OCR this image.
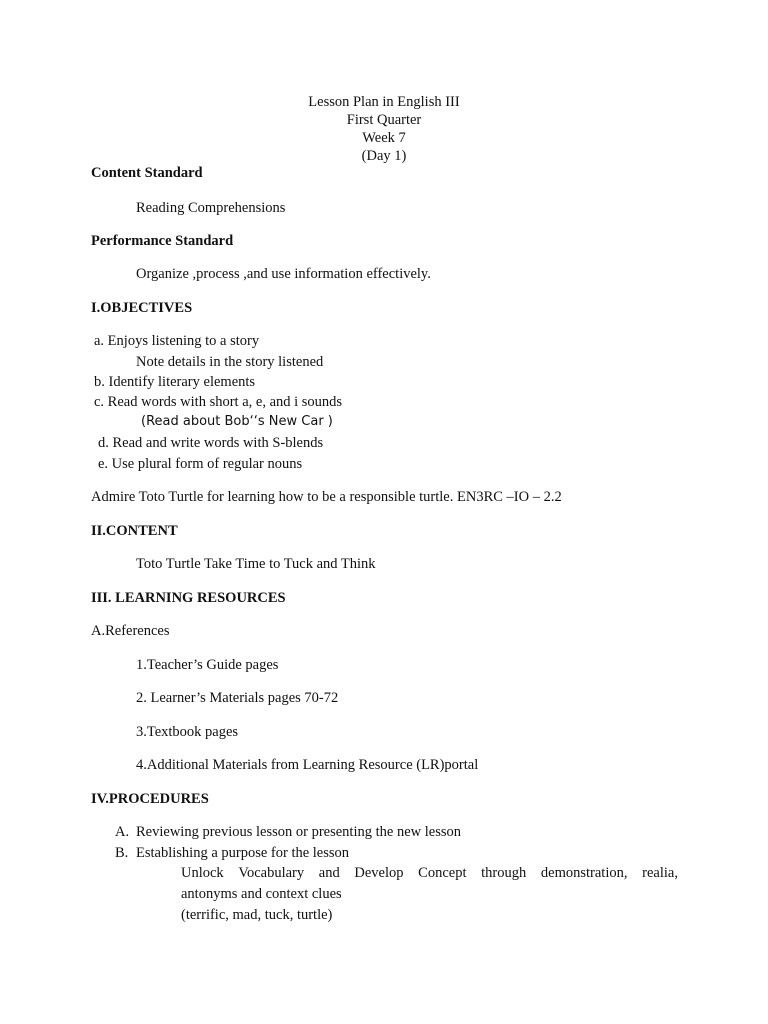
Lesson Plan in English III
First Quarter
Week 7
(Day 1)
Content Standard
Reading Comprehensions
Performance Standard
Organize ,process ,and use information effectively.
I.OBJECTIVES
a. Enjoys listening to a story
Note details in the story listened
b. Identify literary elements
c. Read words with short a, e, and i sounds
(Read about Bob‘‘s New Car )
d. Read and write words with S-blends
e. Use plural form of regular nouns
Admire Toto Turtle for learning how to be a responsible turtle. EN3RC –IO – 2.2
II.CONTENT
Toto Turtle Take Time to Tuck and Think
III. LEARNING RESOURCES
A.References
1.Teacher’s Guide pages
2. Learner’s Materials pages 70-72
3.Textbook pages
4.Additional Materials from Learning Resource (LR)portal
IV.PROCEDURES
A. Reviewing previous lesson or presenting the new lesson
B. Establishing a purpose for the lesson
Unlock Vocabulary and Develop Concept through demonstration, realia,
antonyms and context clues
(terrific, mad, tuck, turtle)
